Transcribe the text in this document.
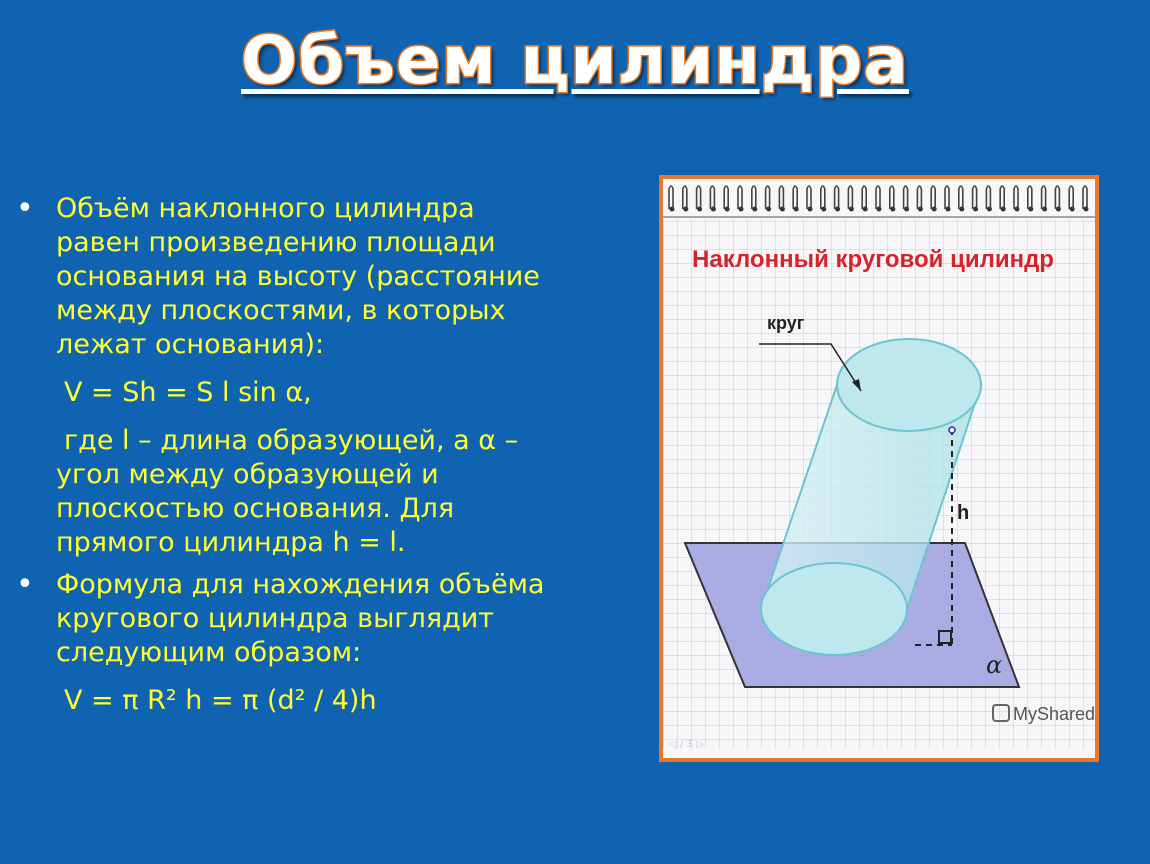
Объем цилиндра
• Объём наклонного цилиндра
равен произведению площади
основания на высоту (расстояние
между плоскостями, в которых
лежат основания):
V = Sh = S l sin α,
где l – длина образующей, а α –
угол между образующей и
плоскостью основания. Для
прямого цилиндра h = l.
• Формула для нахождения объёма
кругового цилиндра выглядит
следующим образом:
V = π R² h = π (d² / 4)h
Наклонный круговой цилиндр
h
α
круг
MyShared
◁ / 3 ▷
